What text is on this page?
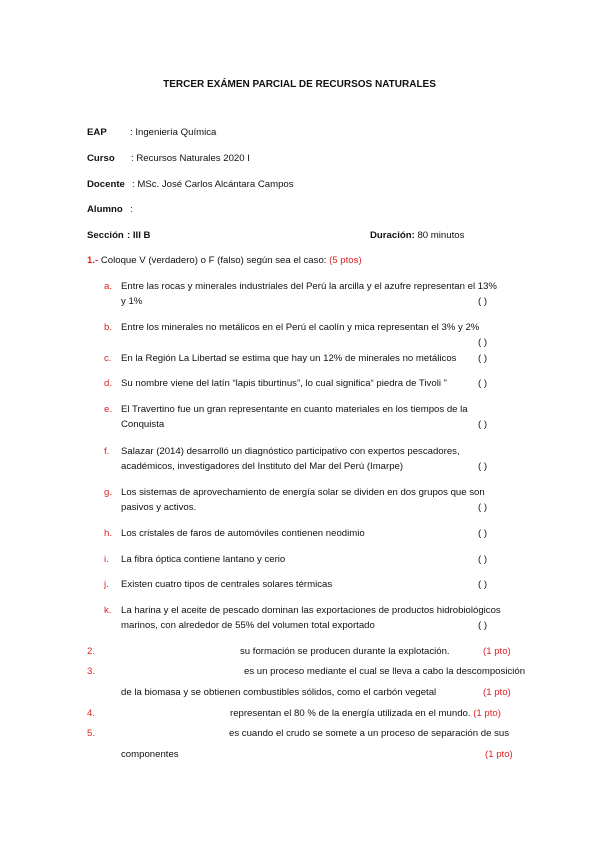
TERCER EXÁMEN PARCIAL DE RECURSOS NATURALES
EAP : Ingeniería Química
Curso : Recursos Naturales 2020 I
Docente : MSc. José Carlos Alcántara Campos
Alumno :
Sección : III B	Duración: 80 minutos
1.- Coloque V (verdadero) o F (falso) según sea el caso: (5 ptos)
a. Entre las rocas y minerales industriales del Perú la arcilla y el azufre representan el 13%
y 1%	( )
b. Entre los minerales no metálicos en el Perú el caolín y mica representan el 3% y 2%
( )
c. En la Región La Libertad se estima que hay un 12% de minerales no metálicos ( )
d. Su nombre viene del latín “lapis tiburtinus”, lo cual significa“ piedra de Tivoli ”	( )
e. El Travertino fue un gran representante en cuanto materiales en los tiempos de la
Conquista	( )
f. Salazar (2014) desarrolló un diagnóstico participativo con expertos pescadores,
académicos, investigadores del Instituto del Mar del Perú (Imarpe)	( )
g. Los sistemas de aprovechamiento de energía solar se dividen en dos grupos que son
pasivos y activos.	( )
h. Los cristales de faros de automóviles contienen neodimio	( )
i. La fibra óptica contiene lantano y cerio	( )
j. Existen cuatro tipos de centrales solares térmicas	( )
k. La harina y el aceite de pescado dominan las exportaciones de productos hidrobiológicos
marinos, con alrededor de 55% del volumen total exportado	( )
2.	su formación se producen durante la explotación.	(1 pto)
3.	es un proceso mediante el cual se lleva a cabo la descomposición
de la biomasa y se obtienen combustibles sólidos, como el carbón vegetal	(1 pto)
4.	representan el 80 % de la energía utilizada en el mundo. (1 pto)
5.	es cuando el crudo se somete a un proceso de separación de sus
componentes	(1 pto)
